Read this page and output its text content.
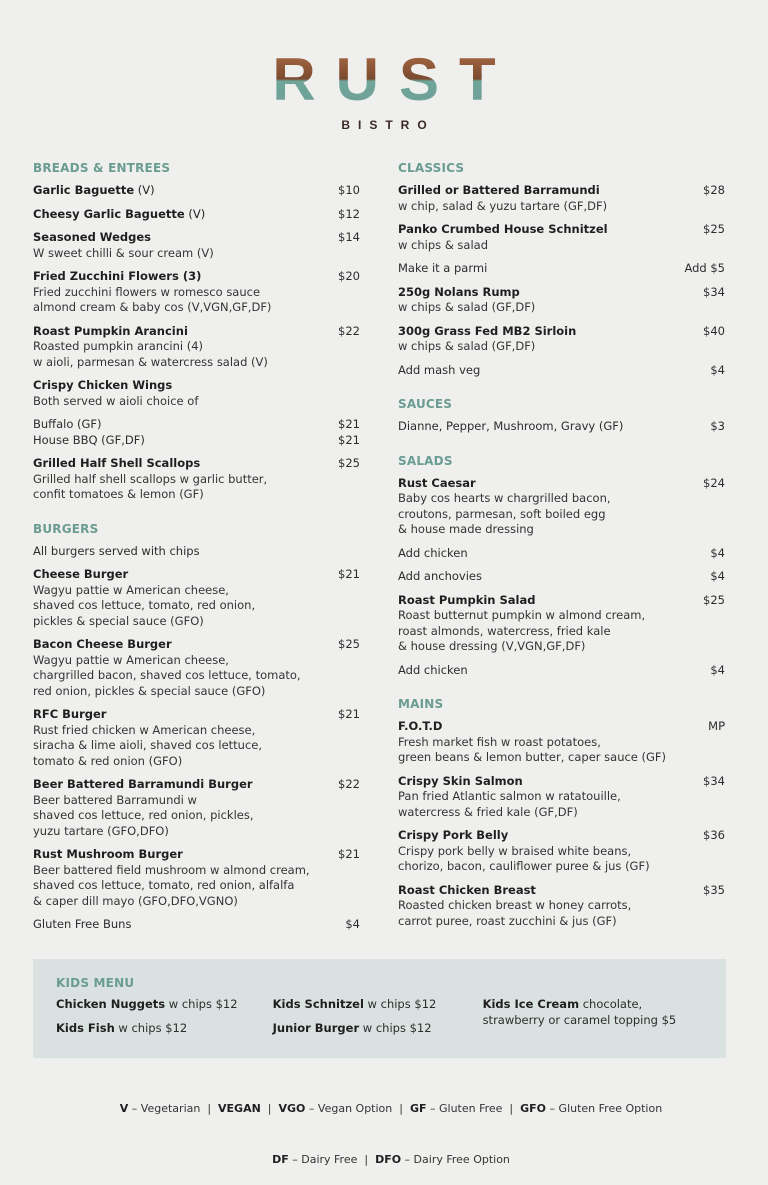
RUST
BISTRO
BREADS & ENTREES
Garlic Baguette (V)	$10
Cheesy Garlic Baguette (V)	$12
Seasoned Wedges	$14
W sweet chilli & sour cream (V)
Fried Zucchini Flowers (3)	$20
Fried zucchini flowers w romesco sauce
almond cream & baby cos (V,VGN,GF,DF)
Roast Pumpkin Arancini	$22
Roasted pumpkin arancini (4)
w aioli, parmesan & watercress salad (V)
Crispy Chicken Wings
Both served w aioli choice of
Buffalo (GF)	$21
House BBQ (GF,DF)	$21
Grilled Half Shell Scallops	$25
Grilled half shell scallops w garlic butter,
confit tomatoes & lemon (GF)
BURGERS
All burgers served with chips
Cheese Burger	$21
Wagyu pattie w American cheese,
shaved cos lettuce, tomato, red onion,
pickles & special sauce (GFO)
Bacon Cheese Burger	$25
Wagyu pattie w American cheese,
chargrilled bacon, shaved cos lettuce, tomato,
red onion, pickles & special sauce (GFO)
RFC Burger	$21
Rust fried chicken w American cheese,
siracha & lime aioli, shaved cos lettuce,
tomato & red onion (GFO)
Beer Battered Barramundi Burger	$22
Beer battered Barramundi w
shaved cos lettuce, red onion, pickles,
yuzu tartare (GFO,DFO)
Rust Mushroom Burger	$21
Beer battered field mushroom w almond cream,
shaved cos lettuce, tomato, red onion, alfalfa
& caper dill mayo (GFO,DFO,VGNO)
Gluten Free Buns	$4
CLASSICS
Grilled or Battered Barramundi	$28
w chip, salad & yuzu tartare (GF,DF)
Panko Crumbed House Schnitzel	$25
w chips & salad
Make it a parmi	Add $5
250g Nolans Rump	$34
w chips & salad (GF,DF)
300g Grass Fed MB2 Sirloin	$40
w chips & salad (GF,DF)
Add mash veg	$4
SAUCES
Dianne, Pepper, Mushroom, Gravy (GF)	$3
SALADS
Rust Caesar	$24
Baby cos hearts w chargrilled bacon,
croutons, parmesan, soft boiled egg
& house made dressing
Add chicken	$4
Add anchovies	$4
Roast Pumpkin Salad	$25
Roast butternut pumpkin w almond cream,
roast almonds, watercress, fried kale
& house dressing (V,VGN,GF,DF)
Add chicken	$4
MAINS
F.O.T.D	MP
Fresh market fish w roast potatoes,
green beans & lemon butter, caper sauce (GF)
Crispy Skin Salmon	$34
Pan fried Atlantic salmon w ratatouille,
watercress & fried kale (GF,DF)
Crispy Pork Belly	$36
Crispy pork belly w braised white beans,
chorizo, bacon, cauliflower puree & jus (GF)
Roast Chicken Breast	$35
Roasted chicken breast w honey carrots,
carrot puree, roast zucchini & jus (GF)
KIDS MENU

Chicken Nuggets w chips $12

Kids Fish w chips $12

Kids Schnitzel w chips $12

Junior Burger w chips $12

Kids Ice Cream chocolate,
strawberry or caramel topping $5

V – Vegetarian  |  VEGAN  |  VGO – Vegan Option  |  GF – Gluten Free  |  GFO – Gluten Free Option

DF – Dairy Free  |  DFO – Dairy Free Option
